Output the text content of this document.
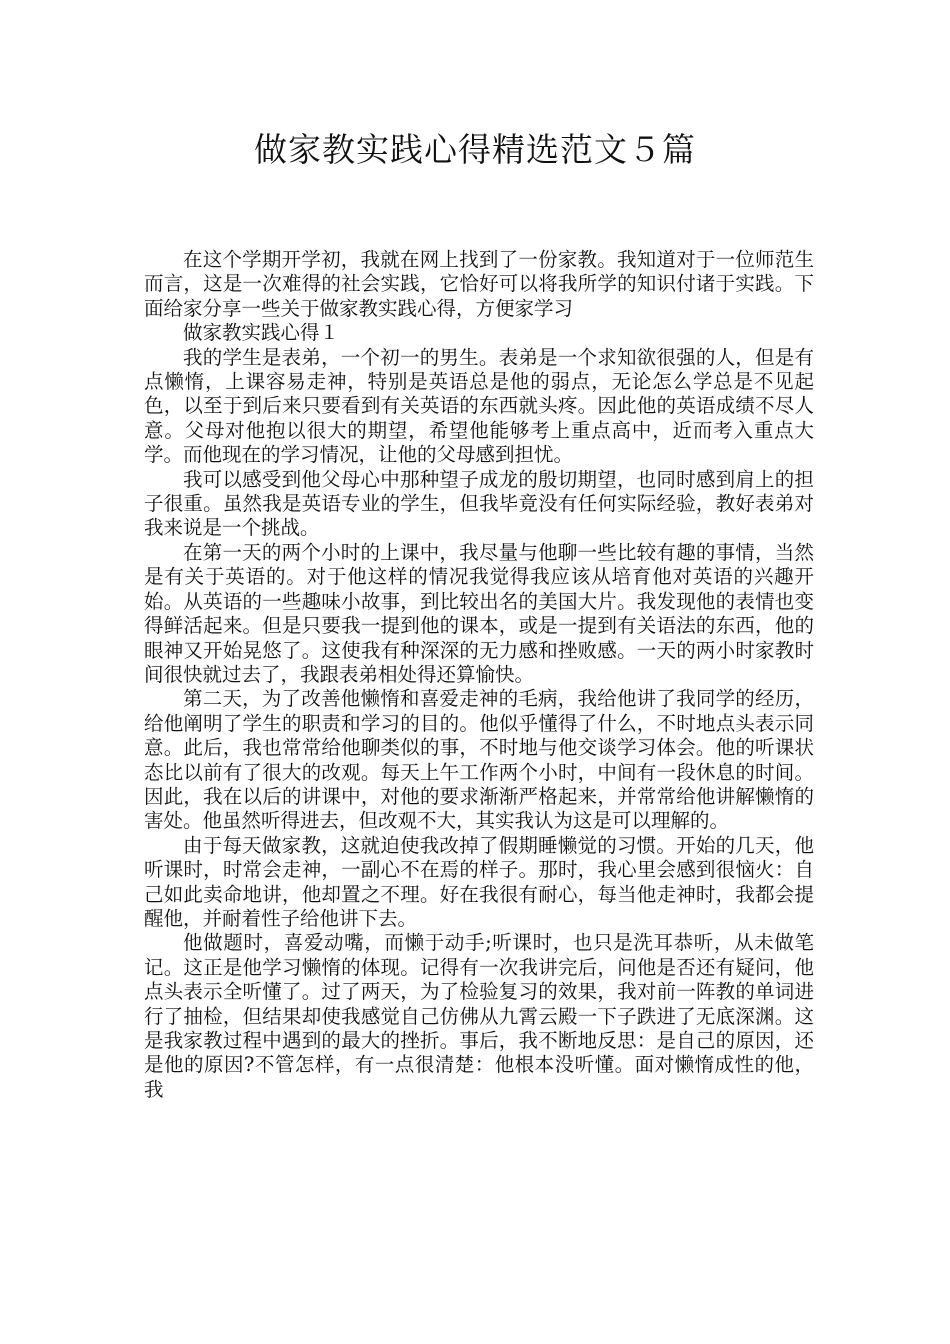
做家教实践心得精选范文５篇

在这个学期开学初，我就在网上找到了一份家教。我知道对于一位师范生而言，这是一次难得的社会实践，它恰好可以将我所学的知识付诸于实践。下面给家分享一些关于做家教实践心得，方便家学习

做家教实践心得１

我的学生是表弟，一个初一的男生。表弟是一个求知欲很强的人，但是有点懒惰，上课容易走神，特别是英语总是他的弱点，无论怎么学总是不见起色，以至于到后来只要看到有关英语的东西就头疼。因此他的英语成绩不尽人意。父母对他抱以很大的期望，希望他能够考上重点高中，近而考入重点大学。而他现在的学习情况，让他的父母感到担忧。

我可以感受到他父母心中那种望子成龙的殷切期望，也同时感到肩上的担子很重。虽然我是英语专业的学生，但我毕竟没有任何实际经验，教好表弟对我来说是一个挑战。

在第一天的两个小时的上课中，我尽量与他聊一些比较有趣的事情，当然是有关于英语的。对于他这样的情况我觉得我应该从培育他对英语的兴趣开始。从英语的一些趣味小故事，到比较出名的美国大片。我发现他的表情也变得鲜活起来。但是只要我一提到他的课本，或是一提到有关语法的东西，他的眼神又开始晃悠了。这使我有种深深的无力感和挫败感。一天的两小时家教时间很快就过去了，我跟表弟相处得还算愉快。

第二天，为了改善他懒惰和喜爱走神的毛病，我给他讲了我同学的经历，给他阐明了学生的职责和学习的目的。他似乎懂得了什么，不时地点头表示同意。此后，我也常常给他聊类似的事，不时地与他交谈学习体会。他的听课状态比以前有了很大的改观。每天上午工作两个小时，中间有一段休息的时间。因此，我在以后的讲课中，对他的要求渐渐严格起来，并常常给他讲解懒惰的害处。他虽然听得进去，但改观不大，其实我认为这是可以理解的。

由于每天做家教，这就迫使我改掉了假期睡懒觉的习惯。开始的几天，他听课时，时常会走神，一副心不在焉的样子。那时，我心里会感到很恼火：自己如此卖命地讲，他却置之不理。好在我很有耐心，每当他走神时，我都会提醒他，并耐着性子给他讲下去。

他做题时，喜爱动嘴，而懒于动手;听课时，也只是洗耳恭听，从未做笔记。这正是他学习懒惰的体现。记得有一次我讲完后，问他是否还有疑问，他点头表示全听懂了。过了两天，为了检验复习的效果，我对前一阵教的单词进行了抽检，但结果却使我感觉自己仿佛从九霄云殿一下子跌进了无底深渊。这是我家教过程中遇到的最大的挫折。事后，我不断地反思：是自己的原因，还是他的原因?不管怎样，有一点很清楚：他根本没听懂。面对懒惰成性的他，我
